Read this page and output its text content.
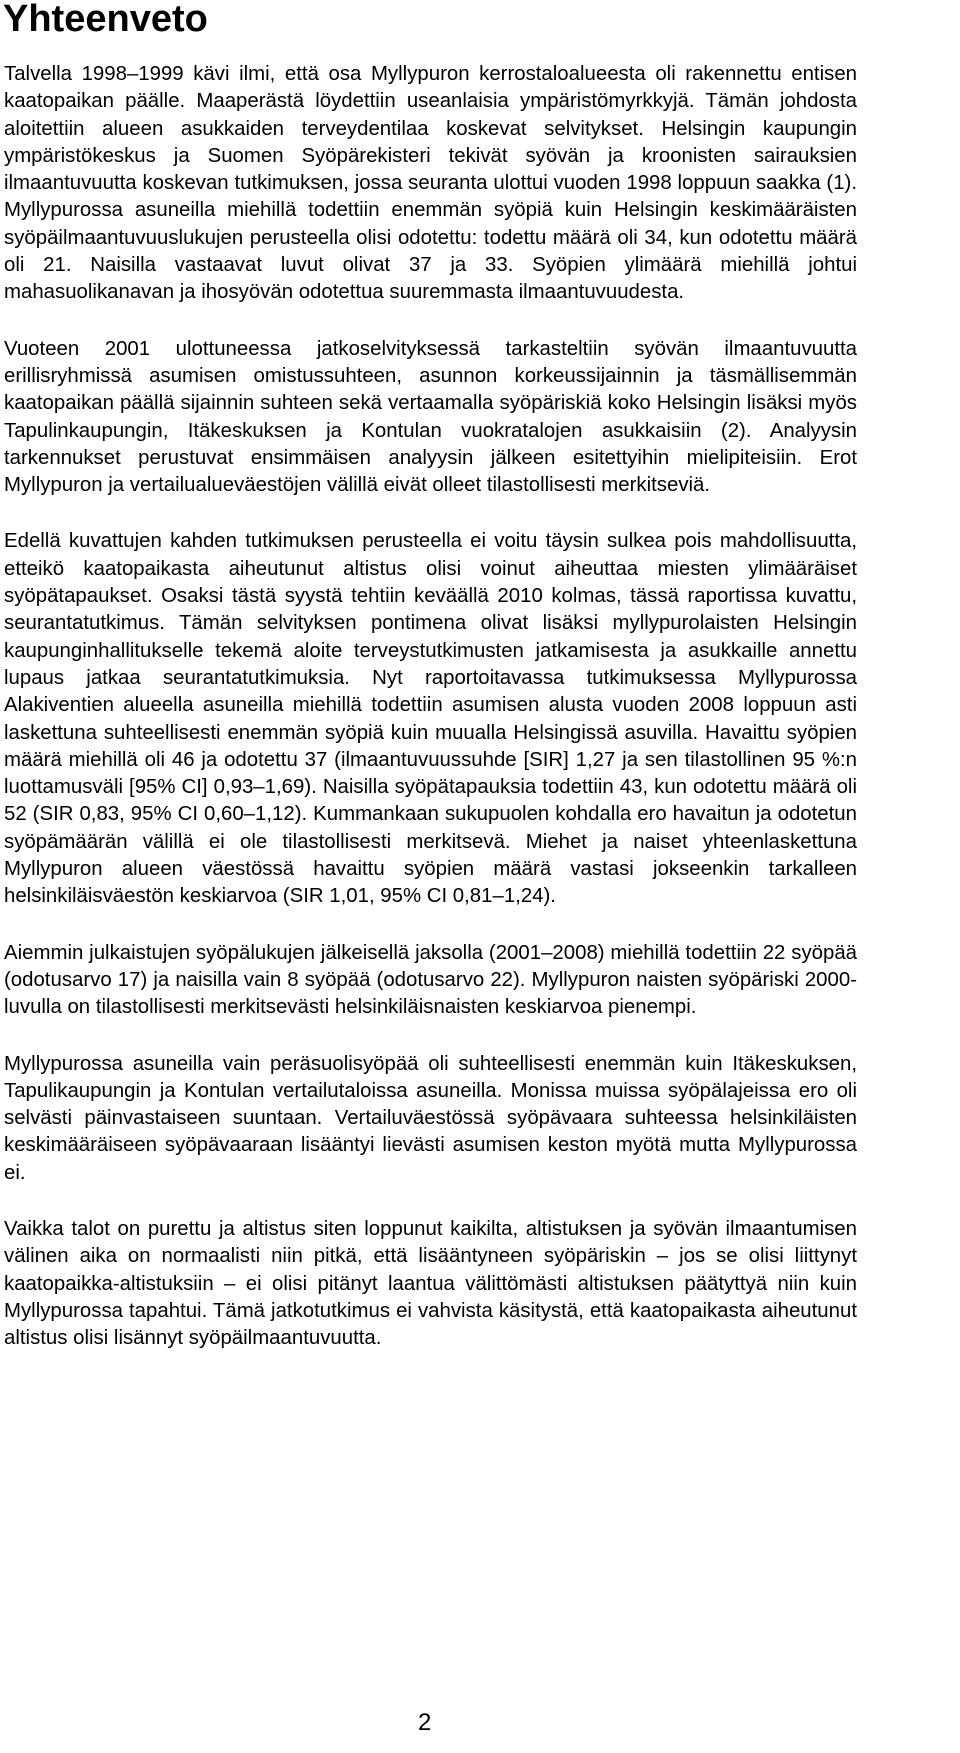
Yhteenveto

Talvella 1998–1999 kävi ilmi, että osa Myllypuron kerrostaloalueesta oli rakennettu entisen kaatopaikan päälle. Maaperästä löydettiin useanlaisia ympäristömyrkkyjä. Tämän johdosta aloitettiin alueen asukkaiden terveydentilaa koskevat selvitykset. Helsingin kaupungin ympäristökeskus ja Suomen Syöpärekisteri tekivät syövän ja kroonisten sairauksien ilmaantuvuutta koskevan tutkimuksen, jossa seuranta ulottui vuoden 1998 loppuun saakka (1). Myllypurossa asuneilla miehillä todettiin enemmän syöpiä kuin Helsingin keskimääräisten syöpäilmaantuvuuslukujen perusteella olisi odotettu: todettu määrä oli 34, kun odotettu määrä oli 21. Naisilla vastaavat luvut olivat 37 ja 33. Syöpien ylimäärä miehillä johtui mahasuolikanavan ja ihosyövän odotettua suuremmasta ilmaantuvuudesta.

Vuoteen 2001 ulottuneessa jatkoselvityksessä tarkasteltiin syövän ilmaantuvuutta erillisryhmissä asumisen omistussuhteen, asunnon korkeussijainnin ja täsmällisemmän kaatopaikan päällä sijainnin suhteen sekä vertaamalla syöpäriskiä koko Helsingin lisäksi myös Tapulinkaupungin, Itäkeskuksen ja Kontulan vuokratalojen asukkaisiin (2). Analyysin tarkennukset perustuvat ensimmäisen analyysin jälkeen esitettyihin mielipiteisiin. Erot Myllypuron ja vertailualueväestöjen välillä eivät olleet tilastollisesti merkitseviä.

Edellä kuvattujen kahden tutkimuksen perusteella ei voitu täysin sulkea pois mahdollisuutta, etteikö kaatopaikasta aiheutunut altistus olisi voinut aiheuttaa miesten ylimääräiset syöpätapaukset. Osaksi tästä syystä tehtiin keväällä 2010 kolmas, tässä raportissa kuvattu, seurantatutkimus. Tämän selvityksen pontimena olivat lisäksi myllypurolaisten Helsingin kaupunginhallitukselle tekemä aloite terveystutkimusten jatkamisesta ja asukkaille annettu lupaus jatkaa seurantatutkimuksia. Nyt raportoitavassa tutkimuksessa Myllypurossa Alakiventien alueella asuneilla miehillä todettiin asumisen alusta vuoden 2008 loppuun asti laskettuna suhteellisesti enemmän syöpiä kuin muualla Helsingissä asuvilla. Havaittu syöpien määrä miehillä oli 46 ja odotettu 37 (ilmaantuvuussuhde [SIR] 1,27 ja sen tilastollinen 95 %:n luottamusväli [95% CI] 0,93–1,69). Naisilla syöpätapauksia todettiin 43, kun odotettu määrä oli 52 (SIR 0,83, 95% CI 0,60–1,12). Kummankaan sukupuolen kohdalla ero havaitun ja odotetun syöpämäärän välillä ei ole tilastollisesti merkitsevä. Miehet ja naiset yhteenlaskettuna Myllypuron alueen väestössä havaittu syöpien määrä vastasi jokseenkin tarkalleen helsinkiläisväestön keskiarvoa (SIR 1,01, 95% CI 0,81–1,24).

Aiemmin julkaistujen syöpälukujen jälkeisellä jaksolla (2001–2008) miehillä todettiin 22 syöpää (odotusarvo 17) ja naisilla vain 8 syöpää (odotusarvo 22). Myllypuron naisten syöpäriski 2000-luvulla on tilastollisesti merkitsevästi helsinkiläisnaisten keskiarvoa pienempi.

Myllypurossa asuneilla vain peräsuolisyöpää oli suhteellisesti enemmän kuin Itäkeskuksen, Tapulikaupungin ja Kontulan vertailutaloissa asuneilla. Monissa muissa syöpälajeissa ero oli selvästi päinvastaiseen suuntaan. Vertailuväestössä syöpävaara suhteessa helsinkiläisten keskimääräiseen syöpävaaraan lisääntyi lievästi asumisen keston myötä mutta Myllypurossa ei.

Vaikka talot on purettu ja altistus siten loppunut kaikilta, altistuksen ja syövän ilmaantumisen välinen aika on normaalisti niin pitkä, että lisääntyneen syöpäriskin – jos se olisi liittynyt kaatopaikka-altistuksiin – ei olisi pitänyt laantua välittömästi altistuksen päätyttyä niin kuin Myllypurossa tapahtui. Tämä jatkotutkimus ei vahvista käsitystä, että kaatopaikasta aiheutunut altistus olisi lisännyt syöpäilmaantuvuutta.

2
